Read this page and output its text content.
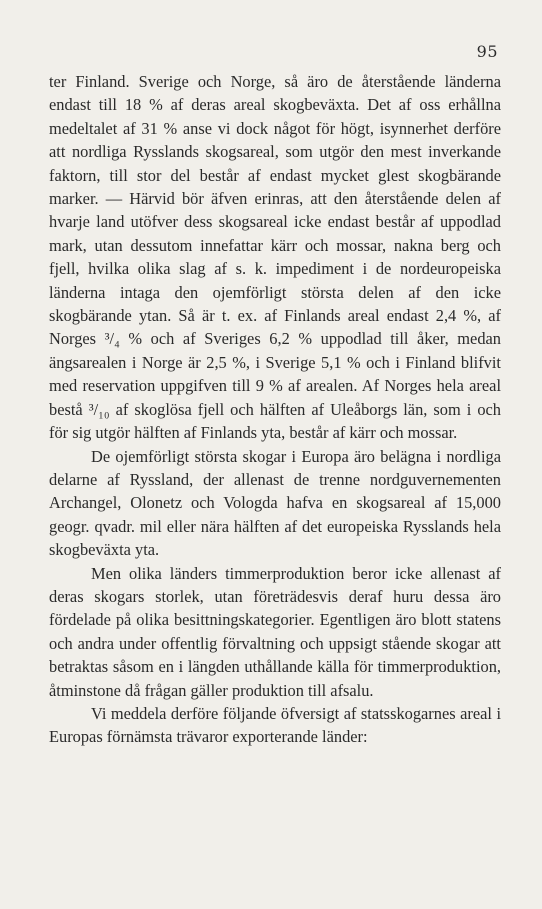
95

ter Finland. Sverige och Norge, så äro de återstående länderna endast till 18 % af deras areal skogbeväxta. Det af oss erhållna medeltalet af 31 % anse vi dock något för högt, isynnerhet derföre att nordliga Rysslands skogsareal, som utgör den mest inverkande faktorn, till stor del består af endast mycket glest skogbärande marker. — Härvid bör äfven erinras, att den återstående delen af hvarje land utöfver dess skogsareal icke endast består af uppodlad mark, utan dessutom innefattar kärr och mossar, nakna berg och fjell, hvilka olika slag af s. k. impediment i de nordeuropeiska länderna intaga den ojemförligt största delen af den icke skogbärande ytan. Så är t. ex. af Finlands areal endast 2,4 %, af Norges ³/₄ % och af Sveriges 6,2 % uppodlad till åker, medan ängsarealen i Norge är 2,5 %, i Sverige 5,1 % och i Finland blifvit med reservation uppgifven till 9 % af arealen. Af Norges hela areal bestå ³/₁₀ af skoglösa fjell och hälften af Uleåborgs län, som i och för sig utgör hälften af Finlands yta, består af kärr och mossar.

De ojemförligt största skogar i Europa äro belägna i nordliga delarne af Ryssland, der allenast de trenne nordguvernementen Archangel, Olonetz och Vologda hafva en skogsareal af 15,000 geogr. qvadr. mil eller nära hälften af det europeiska Rysslands hela skogbeväxta yta.

Men olika länders timmerproduktion beror icke allenast af deras skogars storlek, utan företrädesvis deraf huru dessa äro fördelade på olika besittningskategorier. Egentligen äro blott statens och andra under offentlig förvaltning och uppsigt stående skogar att betraktas såsom en i längden uthållande källa för timmerproduktion, åtminstone då frågan gäller produktion till afsalu.

Vi meddela derföre följande öfversigt af statsskogarnes areal i Europas förnämsta trävaror exporterande länder:
